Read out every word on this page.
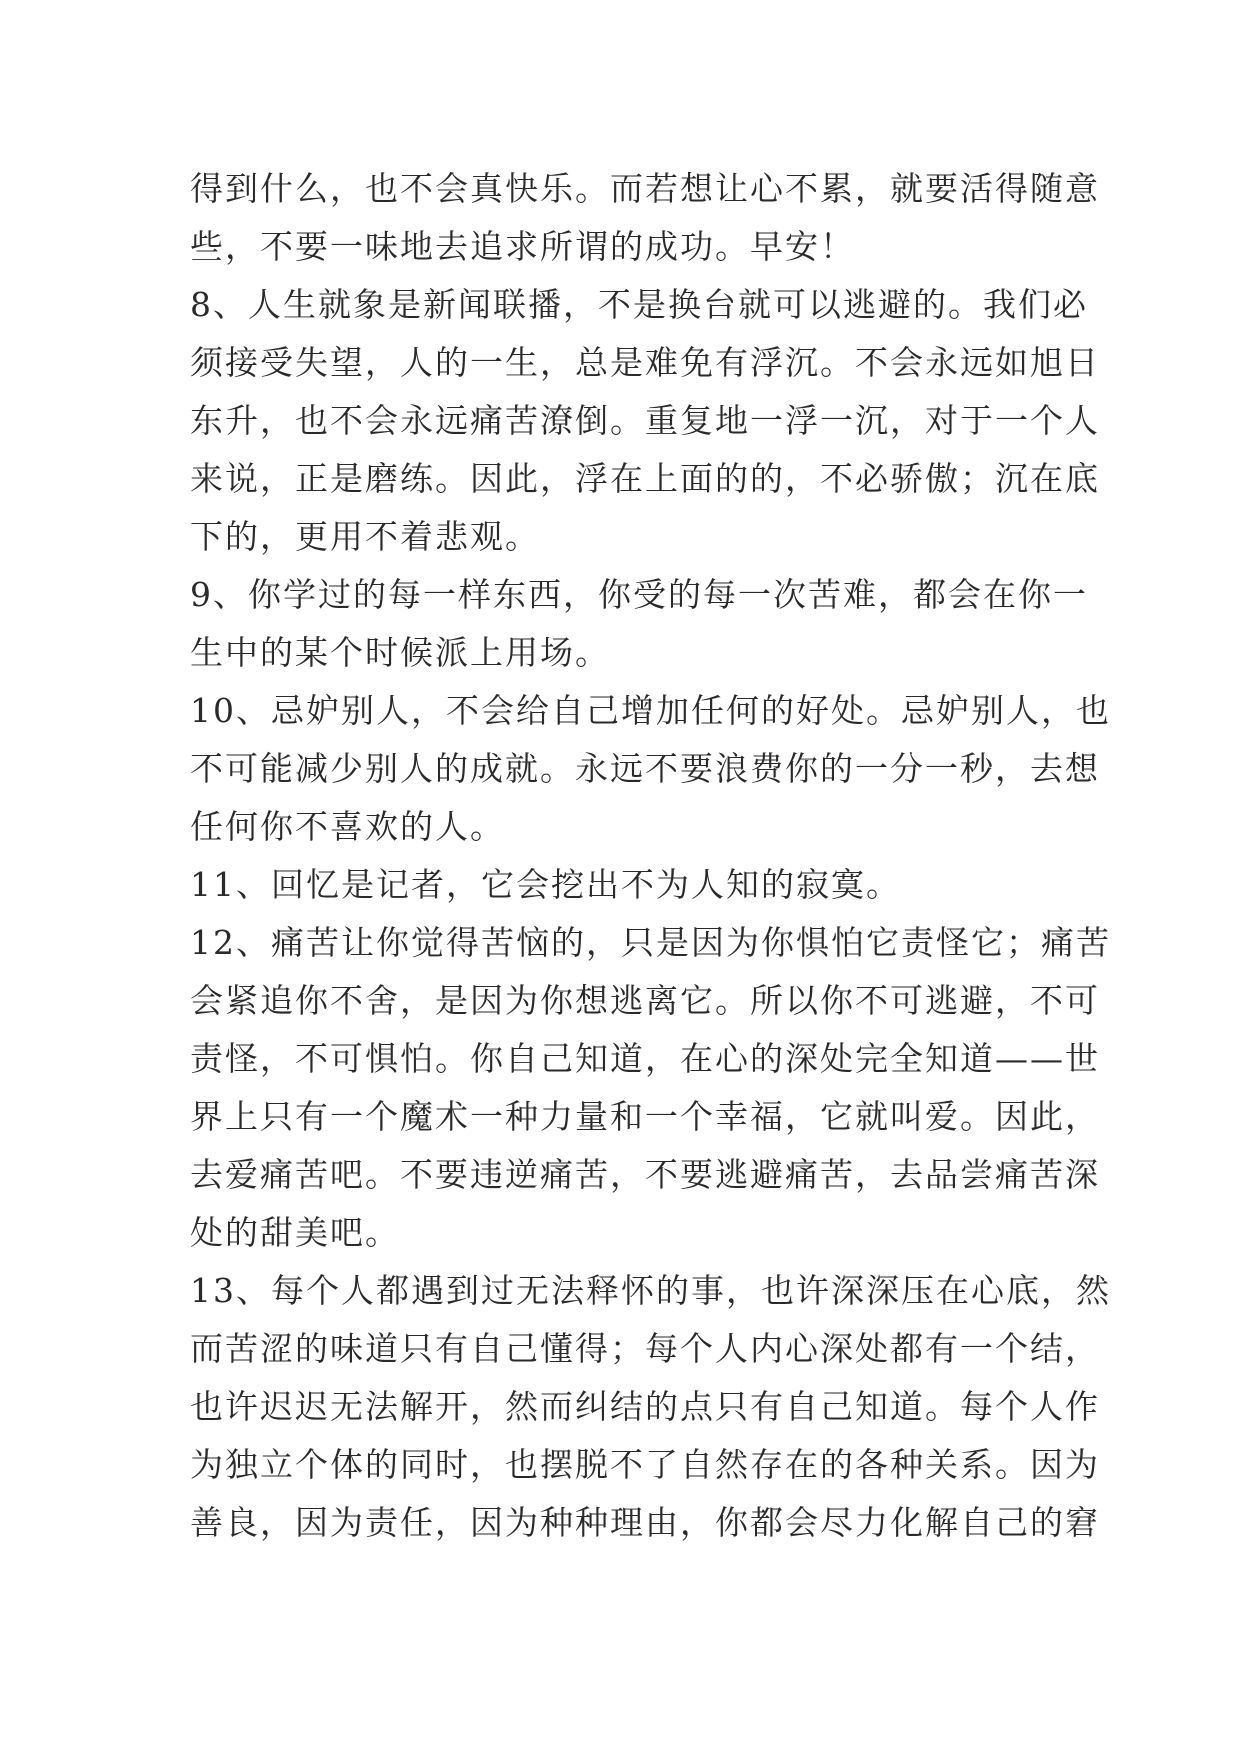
得到什么，也不会真快乐。而若想让心不累，就要活得随意
些，不要一味地去追求所谓的成功。早安！
8、人生就象是新闻联播，不是换台就可以逃避的。我们必
须接受失望，人的一生，总是难免有浮沉。不会永远如旭日
东升，也不会永远痛苦潦倒。重复地一浮一沉，对于一个人
来说，正是磨练。因此，浮在上面的的，不必骄傲；沉在底
下的，更用不着悲观。
9、你学过的每一样东西，你受的每一次苦难，都会在你一
生中的某个时候派上用场。
10、忌妒别人，不会给自己增加任何的好处。忌妒别人，也
不可能减少别人的成就。永远不要浪费你的一分一秒，去想
任何你不喜欢的人。
11、回忆是记者，它会挖出不为人知的寂寞。
12、痛苦让你觉得苦恼的，只是因为你惧怕它责怪它；痛苦
会紧追你不舍，是因为你想逃离它。所以你不可逃避，不可
责怪，不可惧怕。你自己知道，在心的深处完全知道——世
界上只有一个魔术一种力量和一个幸福，它就叫爱。因此，
去爱痛苦吧。不要违逆痛苦，不要逃避痛苦，去品尝痛苦深
处的甜美吧。
13、每个人都遇到过无法释怀的事，也许深深压在心底，然
而苦涩的味道只有自己懂得；每个人内心深处都有一个结，
也许迟迟无法解开，然而纠结的点只有自己知道。每个人作
为独立个体的同时，也摆脱不了自然存在的各种关系。因为
善良，因为责任，因为种种理由，你都会尽力化解自己的窘
